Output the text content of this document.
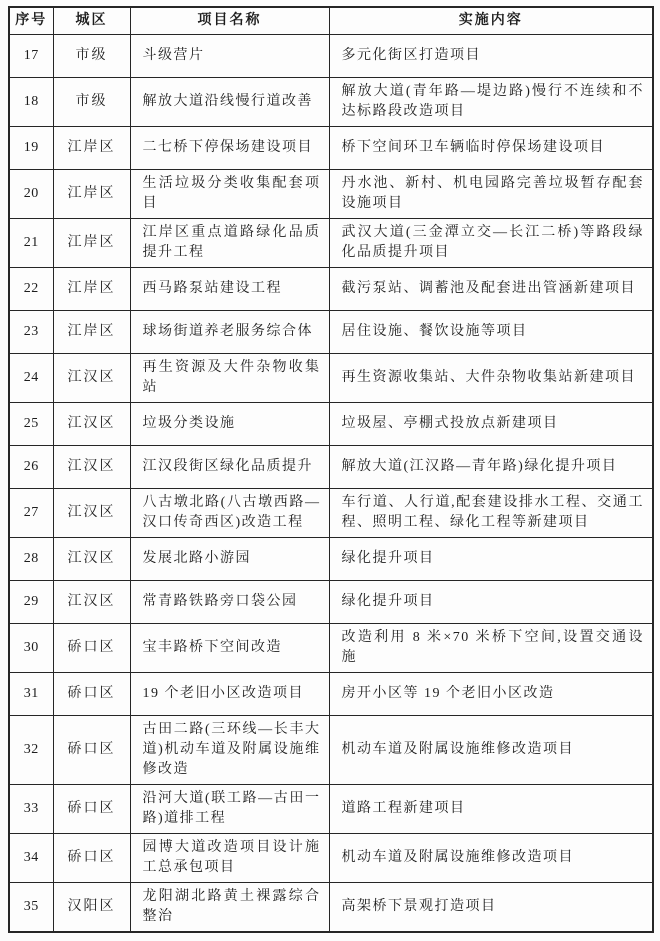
序号	城区	项目名称	实施内容
17	市级	斗级营片	多元化街区打造项目
18	市级	解放大道沿线慢行道改善	解放大道(青年路—堤边路)慢行不连续和不达标路段改造项目
19	江岸区	二七桥下停保场建设项目	桥下空间环卫车辆临时停保场建设项目
20	江岸区	生活垃圾分类收集配套项目	丹水池、新村、机电园路完善垃圾暂存配套设施项目
21	江岸区	江岸区重点道路绿化品质提升工程	武汉大道(三金潭立交—长江二桥)等路段绿化品质提升项目
22	江岸区	西马路泵站建设工程	截污泵站、调蓄池及配套进出管涵新建项目
23	江岸区	球场街道养老服务综合体	居住设施、餐饮设施等项目
24	江汉区	再生资源及大件杂物收集站	再生资源收集站、大件杂物收集站新建项目
25	江汉区	垃圾分类设施	垃圾屋、亭棚式投放点新建项目
26	江汉区	江汉段街区绿化品质提升	解放大道(江汉路—青年路)绿化提升项目
27	江汉区	八古墩北路(八古墩西路—汉口传奇西区)改造工程	车行道、人行道,配套建设排水工程、交通工程、照明工程、绿化工程等新建项目
28	江汉区	发展北路小游园	绿化提升项目
29	江汉区	常青路铁路旁口袋公园	绿化提升项目
30	硚口区	宝丰路桥下空间改造	改造利用 8 米×70 米桥下空间,设置交通设施
31	硚口区	19 个老旧小区改造项目	房开小区等 19 个老旧小区改造
32	硚口区	古田二路(三环线—长丰大道)机动车道及附属设施维修改造	机动车道及附属设施维修改造项目
33	硚口区	沿河大道(联工路—古田一路)道排工程	道路工程新建项目
34	硚口区	园博大道改造项目设计施工总承包项目	机动车道及附属设施维修改造项目
35	汉阳区	龙阳湖北路黄土裸露综合整治	高架桥下景观打造项目
